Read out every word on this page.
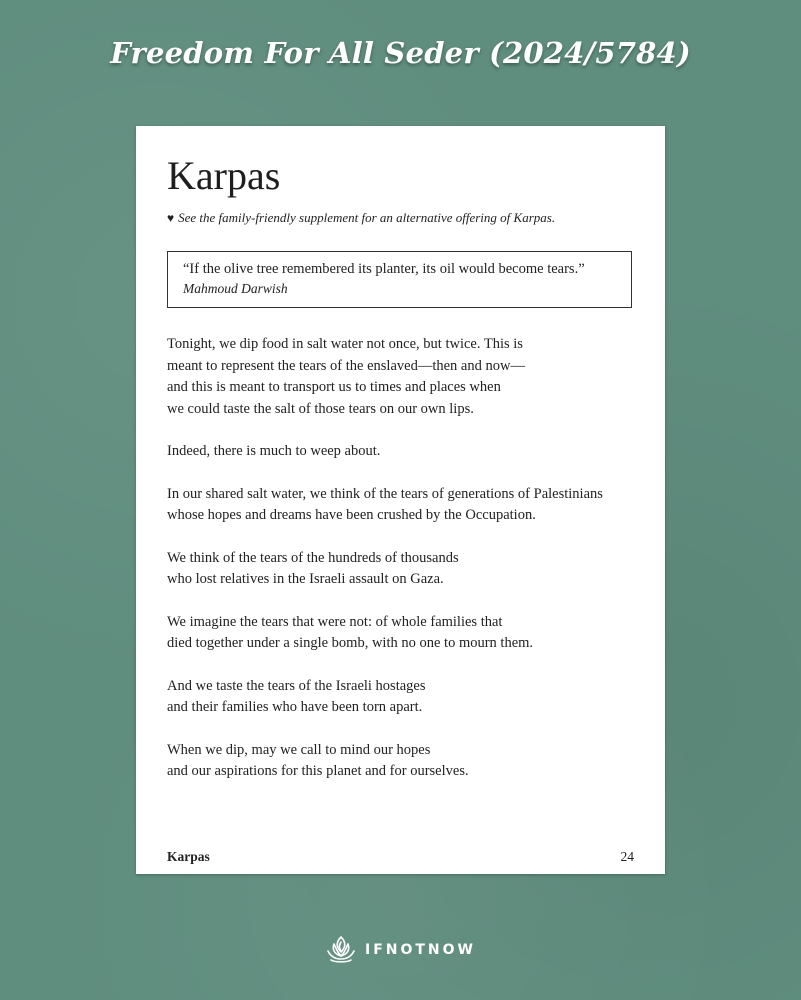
Freedom For All Seder (2024/5784)
Karpas
♥ See the family-friendly supplement for an alternative offering of Karpas.
“If the olive tree remembered its planter, its oil would become tears.”
Mahmoud Darwish

Tonight, we dip food in salt water not once, but twice. This is
meant to represent the tears of the enslaved—then and now—
and this is meant to transport us to times and places when
we could taste the salt of those tears on our own lips.

Indeed, there is much to weep about.

In our shared salt water, we think of the tears of generations of Palestinians
whose hopes and dreams have been crushed by the Occupation.

We think of the tears of the hundreds of thousands
who lost relatives in the Israeli assault on Gaza.

We imagine the tears that were not: of whole families that
died together under a single bomb, with no one to mourn them.

And we taste the tears of the Israeli hostages
and their families who have been torn apart.

When we dip, may we call to mind our hopes
and our aspirations for this planet and for ourselves.

Karpas	24
IFNOTNOW
